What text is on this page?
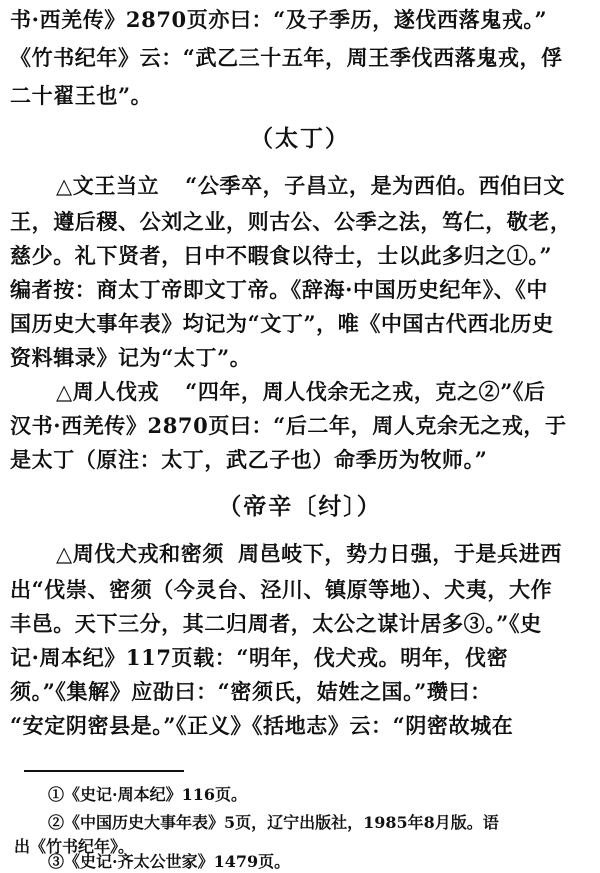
书·西羌传》2870页亦曰：“及子季历，遂伐西落鬼戎。”
《竹书纪年》云：“武乙三十五年，周王季伐西落鬼戎，俘
二十翟王也”。
（太丁）
△文王当立 “公季卒，子昌立，是为西伯。西伯曰文
王，遵后稷、公刘之业，则古公、公季之法，笃仁，敬老，
慈少。礼下贤者，日中不暇食以待士，士以此多归之①。”
编者按：商太丁帝即文丁帝。《辞海·中国历史纪年》、《中
国历史大事年表》均记为“文丁”，唯《中国古代西北历史
资料辑录》记为“太丁”。
△周人伐戎 “四年，周人伐余无之戎，克之②”《后
汉书·西羌传》2870页曰：“后二年，周人克余无之戎，于
是太丁（原注：太丁，武乙子也）命季历为牧师。”
（帝辛〔纣〕）
△周伐犬戎和密须 周邑岐下，势力日强，于是兵进西
出“伐崇、密须（今灵台、泾川、镇原等地）、犬夷，大作
丰邑。天下三分，其二归周者，太公之谋计居多③。”《史
记·周本纪》117页载：“明年，伐犬戎。明年，伐密
须。”《集解》应劭曰：“密须氏，姞姓之国。”瓒曰：
“安定阴密县是。”《正义》《括地志》云：“阴密故城在
①《史记·周本纪》116页。
②《中国历史大事年表》5页，辽宁出版社，1985年8月版。语
出《竹书纪年》。
③《史记·齐太公世家》1479页。
